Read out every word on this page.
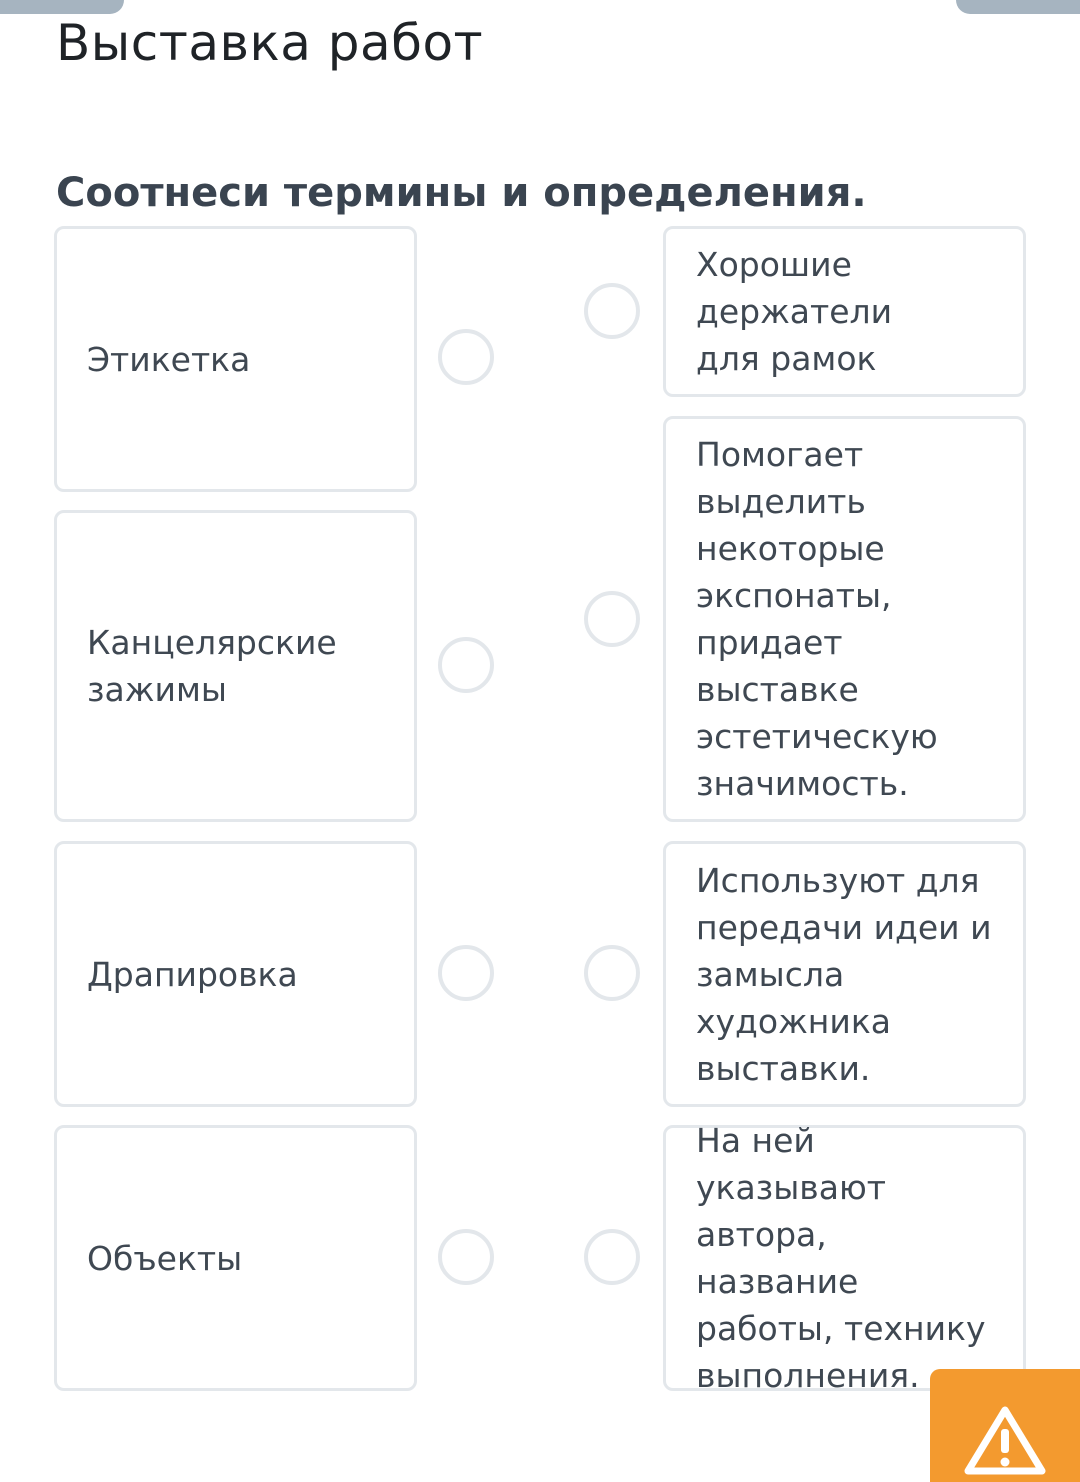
Выставка работ
Соотнеси термины и определения.
Этикетка
Канцелярские зажимы
Драпировка
Объекты
Хорошие держатели для рамок
Помогает выделить некоторые экспонаты, придает выставке эстетическую значимость.
Используют для передачи идеи и замысла художника выставки.
На ней указывают автора, название работы, технику выполнения.
